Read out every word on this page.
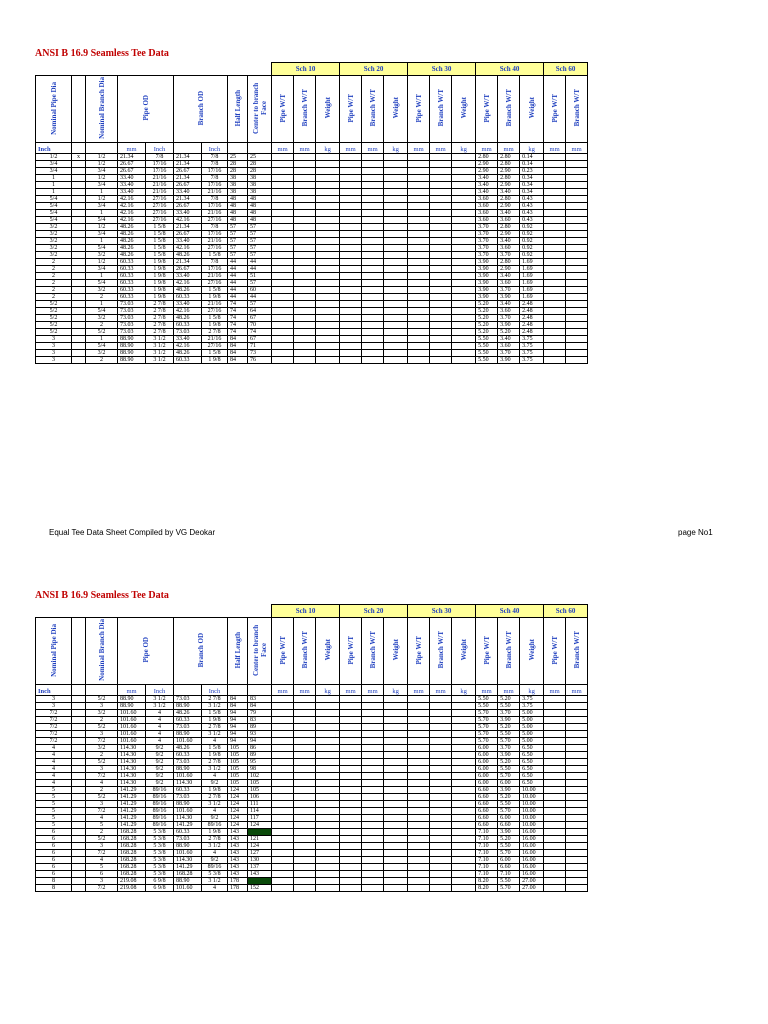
ANSI B 16.9 Seamless Tee Data
									Sch 10			Sch 20			Sch 30			Sch 40			Sch 60	
Nominal Pipe Dia		Nominal Branch Dia	Pipe OD		Branch OD		Half Length	Center to branch Face	Pipe W/T	Branch W/T	Weight	Pipe W/T	Branch W/T	Weight	Pipe W/T	Branch W/T	Weight	Pipe W/T	Branch W/T	Weight	Pipe W/T	Branch W/T
Inch			mm	Inch		Inch			mm	mm	kg	mm	mm	kg	mm	mm	kg	mm	mm	kg	mm	mm
1/2	x	1/2	21.34	7/8	21.34	7/8	25	25										2.80	2.80	0.14		
3/4		1/2	26.67	17/16	21.34	7/8	28	28										2.90	2.80	0.14		
3/4		3/4	26.67	17/16	26.67	17/16	28	28										2.90	2.90	0.23		
1		1/2	33.40	21/16	21.34	7/8	38	38										3.40	2.80	0.34		
1		3/4	33.40	21/16	26.67	17/16	38	38										3.40	2.90	0.34		
1		1	33.40	21/16	33.40	21/16	38	38										3.40	3.40	0.34		
5/4		1/2	42.16	27/16	21.34	7/8	48	48										3.60	2.80	0.43		
5/4		3/4	42.16	27/16	26.67	17/16	48	48										3.60	2.90	0.43		
5/4		1	42.16	27/16	33.40	21/16	48	48										3.60	3.40	0.43		
5/4		5/4	42.16	27/16	42.16	27/16	48	48										3.60	3.60	0.43		
3/2		1/2	48.26	1 5/8	21.34	7/8	57	57										3.70	2.80	0.92		
3/2		3/4	48.26	1 5/8	26.67	17/16	57	57										3.70	2.90	0.92		
3/2		1	48.26	1 5/8	33.40	21/16	57	57										3.70	3.40	0.92		
3/2		5/4	48.26	1 5/8	42.16	27/16	57	57										3.70	3.60	0.92		
3/2		3/2	48.26	1 5/8	48.26	1 5/8	57	57										3.70	3.70	0.92		
2		1/2	60.33	1 9/8	21.34	7/8	44	44										3.90	2.80	1.69		
2		3/4	60.33	1 9/8	26.67	17/16	44	44										3.90	2.90	1.69		
2		1	60.33	1 9/8	33.40	21/16	44	51										3.90	3.40	1.69		
2		5/4	60.33	1 9/8	42.16	27/16	44	57										3.90	3.60	1.69		
2		3/2	60.33	1 9/8	48.26	1 5/8	44	60										3.90	3.70	1.69		
2		2	60.33	1 9/8	60.33	1 9/8	44	44										3.90	3.90	1.69		
5/2		1	73.03	2 7/8	33.40	21/16	74	57										5.20	3.40	2.48		
5/2		5/4	73.03	2 7/8	42.16	27/16	74	64										5.20	3.60	2.48		
5/2		3/2	73.03	2 7/8	48.26	1 5/8	74	67										5.20	3.70	2.48		
5/2		2	73.03	2 7/8	60.33	1 9/8	74	70										5.20	3.90	2.48		
5/2		5/2	73.03	2 7/8	73.03	2 7/8	74	74										5.20	5.20	2.48		
3		1	88.90	3 1/2	33.40	21/16	84	67										5.50	3.40	3.75		
3		5/4	88.90	3 1/2	42.16	27/16	84	71										5.50	3.60	3.75		
3		3/2	88.90	3 1/2	48.26	1 5/8	84	73										5.50	3.70	3.75		
3		2	88.90	3 1/2	60.33	1 9/8	84	76										5.50	3.90	3.75		
Equal Tee Data Sheet Compiled by VG Deokar	page No1
ANSI B 16.9 Seamless Tee Data
									Sch 10			Sch 20			Sch 30			Sch 40			Sch 60	
Nominal Pipe Dia		Nominal Branch Dia	Pipe OD		Branch OD		Half Length	Center to branch Face	Pipe W/T	Branch W/T	Weight	Pipe W/T	Branch W/T	Weight	Pipe W/T	Branch W/T	Weight	Pipe W/T	Branch W/T	Weight	Pipe W/T	Branch W/T
Inch			mm	Inch		Inch			mm	mm	kg	mm	mm	kg	mm	mm	kg	mm	mm	kg	mm	mm
3		5/2	88.90	3 1/2	73.03	2 7/8	84	83										5.50	5.20	3.75		
3		3	88.90	3 1/2	88.90	3 1/2	84	84										5.50	5.50	3.75		
7/2		3/2	101.60	4	48.26	1 5/8	94	79										5.70	3.70	5.00		
7/2		2	101.60	4	60.33	1 9/8	94	83										5.70	3.90	5.00		
7/2		5/2	101.60	4	73.03	2 7/8	94	89										5.70	5.20	5.00		
7/2		3	101.60	4	88.90	3 1/2	94	93										5.70	5.50	5.00		
7/2		7/2	101.60	4	101.60	4	94	94										5.70	5.70	5.00		
4		3/2	114.30	9/2	48.26	1 5/8	105	86										6.00	3.70	6.50		
4		2	114.30	9/2	60.33	1 9/8	105	89										6.00	3.90	6.50		
4		5/2	114.30	9/2	73.03	2 7/8	105	95										6.00	5.20	6.50		
4		3	114.30	9/2	88.90	3 1/2	105	98										6.00	5.50	6.50		
4		7/2	114.30	9/2	101.60	4	105	102										6.00	5.70	6.50		
4		4	114.30	9/2	114.30	9/2	105	105										6.00	6.00	6.50		
5		2	141.29	89/16	60.33	1 9/8	124	105										6.60	3.90	10.00		
5		5/2	141.29	89/16	73.03	2 7/8	124	106										6.60	5.20	10.00		
5		3	141.29	89/16	88.90	3 1/2	124	111										6.60	5.50	10.00		
5		7/2	141.29	89/16	101.60	4	124	114										6.60	5.70	10.00		
5		4	141.29	89/16	114.30	9/2	124	117										6.60	6.00	10.00		
5		5	141.29	89/16	141.29	89/16	124	124										6.60	6.60	10.00		
6		2	168.28	5 3/8	60.33	1 9/8	143											7.10	3.90	16.00		
6		5/2	168.28	5 3/8	73.03	2 7/8	143	121										7.10	5.20	16.00		
6		3	168.28	5 3/8	88.90	3 1/2	143	124										7.10	5.50	16.00		
6		7/2	168.28	5 3/8	101.60	4	143	127										7.10	5.70	16.00		
6		4	168.28	5 3/8	114.30	9/2	143	130										7.10	6.00	16.00		
6		5	168.28	5 3/8	141.29	89/16	143	137										7.10	6.60	16.00		
6		6	168.28	5 3/8	168.28	5 3/8	143	143										7.10	7.10	16.00		
8		3	219.08	6 9/8	88.90	3 1/2	178											8.20	5.50	27.00		
8		7/2	219.08	6 9/8	101.60	4	178	152										8.20	5.70	27.00		
